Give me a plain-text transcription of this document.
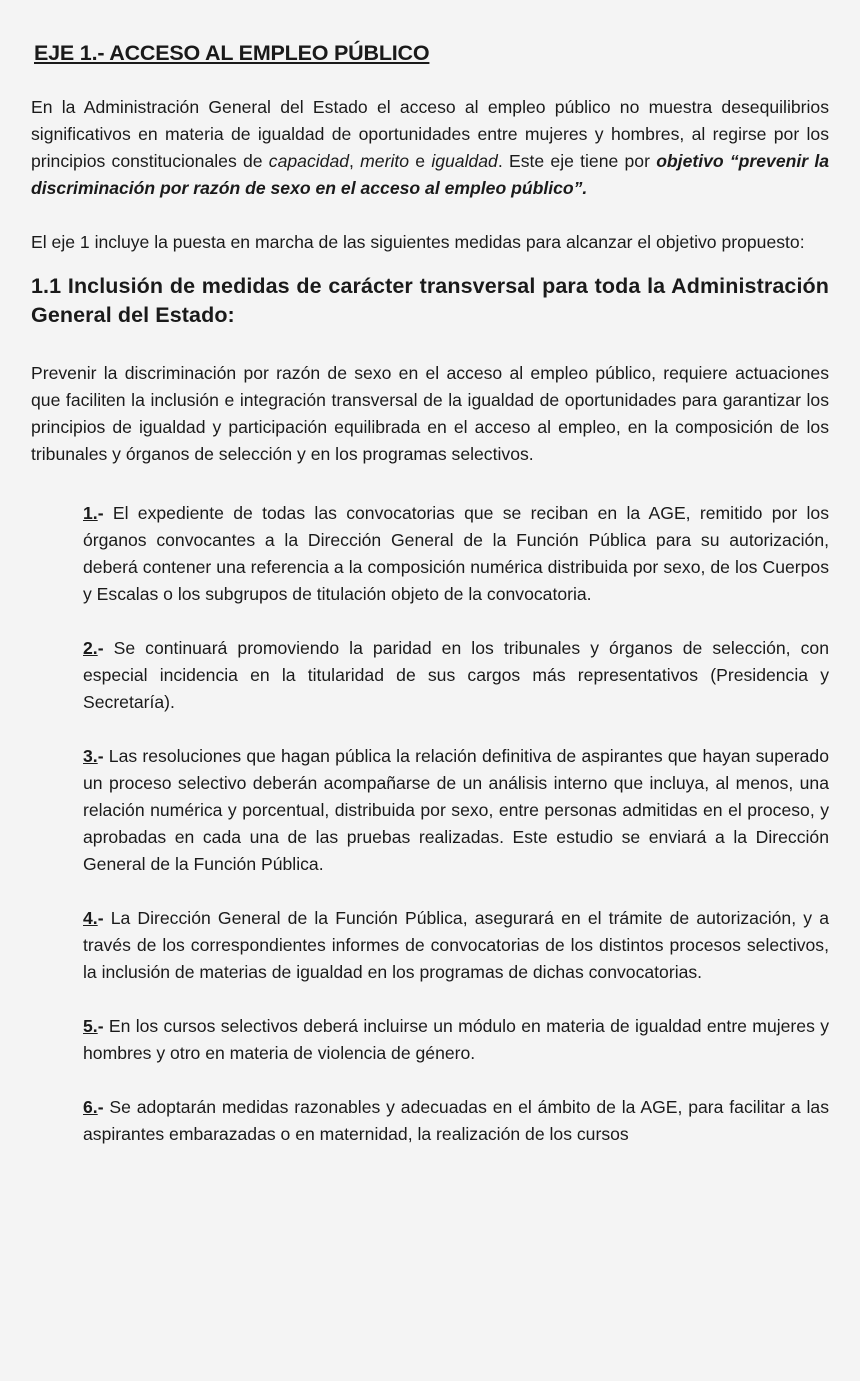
EJE 1.- ACCESO AL EMPLEO PÚBLICO

En la Administración General del Estado el acceso al empleo público no muestra desequilibrios significativos en materia de igualdad de oportunidades entre mujeres y hombres, al regirse por los principios constitucionales de capacidad, merito e igualdad. Este eje tiene por objetivo “prevenir la discriminación por razón de sexo en el acceso al empleo público”.

El eje 1 incluye la puesta en marcha de las siguientes medidas para alcanzar el objetivo propuesto:

1.1 Inclusión de medidas de carácter transversal para toda la Administración General del Estado:

Prevenir la discriminación por razón de sexo en el acceso al empleo público, requiere actuaciones que faciliten la inclusión e integración transversal de la igualdad de oportunidades para garantizar los principios de igualdad y participación equilibrada en el acceso al empleo, en la composición de los tribunales y órganos de selección y en los programas selectivos.

1.- El expediente de todas las convocatorias que se reciban en la AGE, remitido por los órganos convocantes a la Dirección General de la Función Pública para su autorización, deberá contener una referencia a la composición numérica distribuida por sexo, de los Cuerpos y Escalas o los subgrupos de titulación objeto de la convocatoria.

2.- Se continuará promoviendo la paridad en los tribunales y órganos de selección, con especial incidencia en la titularidad de sus cargos más representativos (Presidencia y Secretaría).

3.- Las resoluciones que hagan pública la relación definitiva de aspirantes que hayan superado un proceso selectivo deberán acompañarse de un análisis interno que incluya, al menos, una relación numérica y porcentual, distribuida por sexo, entre personas admitidas en el proceso, y aprobadas en cada una de las pruebas realizadas. Este estudio se enviará a la Dirección General de la Función Pública.

4.- La Dirección General de la Función Pública, asegurará en el trámite de autorización, y a través de los correspondientes informes de convocatorias de los distintos procesos selectivos, la inclusión de materias de igualdad en los programas de dichas convocatorias.

5.- En los cursos selectivos deberá incluirse un módulo en materia de igualdad entre mujeres y hombres y otro en materia de violencia de género.

6.- Se adoptarán medidas razonables y adecuadas en el ámbito de la AGE, para facilitar a las aspirantes embarazadas o en maternidad, la realización de los cursos
